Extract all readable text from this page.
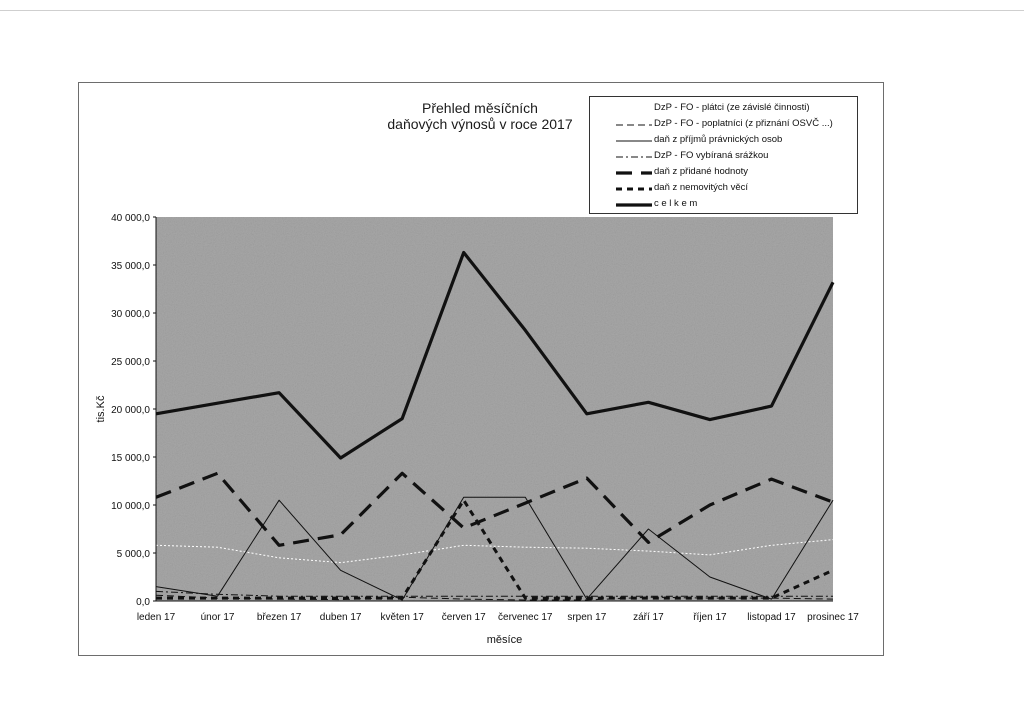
Přehled měsíčních
daňových výnosů v roce 2017
0,0
5 000,0
10 000,0
15 000,0
20 000,0
25 000,0
30 000,0
35 000,0
40 000,0
leden 17	únor 17 březen 17 duben 17 květen 17 červen 17 červenec 17 srpen 17	září 17	říjen 17 listopad 17 prosinec 17
měsíce
tis.Kč
DzP - FO - plátci (ze závislé činnosti)
DzP - FO - poplatníci (z přiznání OSVČ ...)
daň z příjmů právnických osob
DzP - FO vybíraná srážkou
daň z přidané hodnoty
daň z nemovitých věcí
c e l k e m
